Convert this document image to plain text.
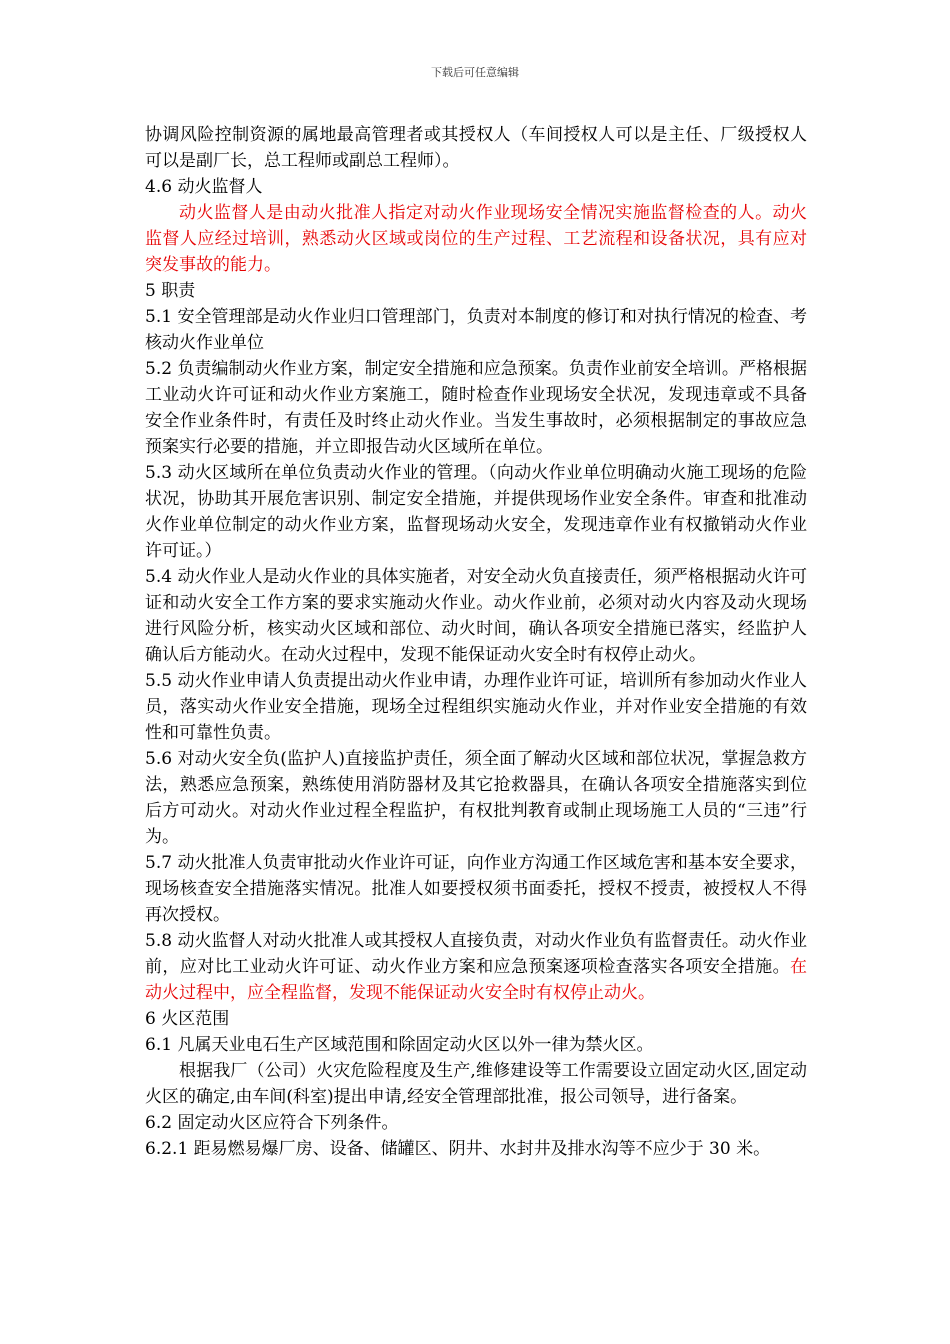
下载后可任意编辑

协调风险控制资源的属地最高管理者或其授权人（车间授权人可以是主任、厂级授权人可以是副厂长，总工程师或副总工程师）。

4.6 动火监督人

动火监督人是由动火批准人指定对动火作业现场安全情况实施监督检查的人。动火监督人应经过培训，熟悉动火区域或岗位的生产过程、工艺流程和设备状况，具有应对突发事故的能力。

5 职责

5.1 安全管理部是动火作业归口管理部门，负责对本制度的修订和对执行情况的检查、考核动火作业单位

5.2 负责编制动火作业方案，制定安全措施和应急预案。负责作业前安全培训。严格根据工业动火许可证和动火作业方案施工，随时检查作业现场安全状况，发现违章或不具备安全作业条件时，有责任及时终止动火作业。当发生事故时，必须根据制定的事故应急预案实行必要的措施，并立即报告动火区域所在单位。

5.3 动火区域所在单位负责动火作业的管理。（向动火作业单位明确动火施工现场的危险状况，协助其开展危害识别、制定安全措施，并提供现场作业安全条件。审查和批准动火作业单位制定的动火作业方案，监督现场动火安全，发现违章作业有权撤销动火作业许可证。）

5.4 动火作业人是动火作业的具体实施者，对安全动火负直接责任，须严格根据动火许可证和动火安全工作方案的要求实施动火作业。动火作业前，必须对动火内容及动火现场进行风险分析，核实动火区域和部位、动火时间，确认各项安全措施已落实，经监护人确认后方能动火。在动火过程中，发现不能保证动火安全时有权停止动火。

5.5 动火作业申请人负责提出动火作业申请，办理作业许可证，培训所有参加动火作业人员，落实动火作业安全措施，现场全过程组织实施动火作业，并对作业安全措施的有效性和可靠性负责。

5.6 对动火安全负(监护人)直接监护责任，须全面了解动火区域和部位状况，掌握急救方法，熟悉应急预案，熟练使用消防器材及其它抢救器具，在确认各项安全措施落实到位后方可动火。对动火作业过程全程监护，有权批判教育或制止现场施工人员的“三违”行为。

5.7 动火批准人负责审批动火作业许可证，向作业方沟通工作区域危害和基本安全要求，现场核查安全措施落实情况。批准人如要授权须书面委托，授权不授责，被授权人不得再次授权。

5.8 动火监督人对动火批准人或其授权人直接负责，对动火作业负有监督责任。动火作业前，应对比工业动火许可证、动火作业方案和应急预案逐项检查落实各项安全措施。在动火过程中，应全程监督，发现不能保证动火安全时有权停止动火。

6 火区范围

6.1 凡属天业电石生产区域范围和除固定动火区以外一律为禁火区。

根据我厂（公司）火灾危险程度及生产,维修建设等工作需要设立固定动火区,固定动火区的确定,由车间(科室)提出申请,经安全管理部批准，报公司领导，进行备案。

6.2 固定动火区应符合下列条件。

6.2.1 距易燃易爆厂房、设备、储罐区、阴井、水封井及排水沟等不应少于 30 米。
